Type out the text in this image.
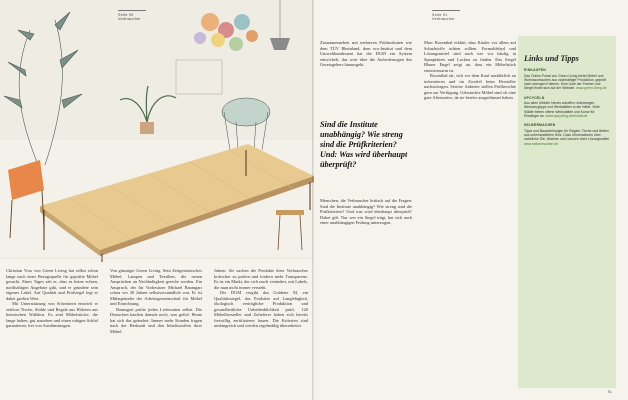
Seite 90
Verbraucher

Christian Voss von Green Living hat selbst schon lange nach einer Bezugsquelle für geprüfte Möbel gesucht. Eines Tages sah er, dass es keine echten, nachhaltigen Angebote gibt, und er gründete sein eigenes Label. Auf Qualität und Prüfsiegel legt er dabei großen Wert.

Mit Unterstützung von Schreinern entwirft er zeitlose Tische, Stühle und Regale aus Hölzern aus heimischen Wäldern. Es sind Möbelstücke, die lange halten, gut aussehen und einen ruhigen Schlaf garantieren, frei von Ausdünstungen.

Von günstiger Green Living. Sein Zeitgenössisches Möbel, Lampen und Textilien, die neuen Ansprüchen an Nachhaltigkeit gerecht werden. Ein Anspruch, der für Vorbesitzer Michael Baumgart schon vor 30 Jahren selbstverständlich war. Er ist Mitbegründer der Arbeitsgemeinschaft für Möbel und Einrichtung.

Baumgart prüfte jeden Lieferanten selbst. Die Deutschen kauften damals noch, was gefiel. Heute hat sich das geändert: Immer mehr Kunden fragen nach der Herkunft und den Inhaltsstoffen ihrer Möbel.

Jahren. Sie suchen die Produkte ihrer Verbraucher kritischer zu prüfen und fordern mehr Transparenz. Es ist ein Markt, der sich rasch verändert, mit Labels, die man nicht immer versteht.

Die DGM vergibt das Goldene M, ein Qualitätssiegel, das Produkte auf Langlebigkeit, ökologisch verträgliche Produktion und gesundheitliche Unbedenklichkeit prüft. 120 Möbelhersteller und Zulieferer haben sich bereits freiwillig zertifizieren lassen. Die Kriterien sind umfangreich und werden regelmäßig überarbeitet.

Seite 91
Verbraucher

Zusammenarbeit mit mehreren Prüfinstituten wie dem TÜV Rheinland, dem eco-Institut und dem Umweltbundesamt hat die DGM ein System entwickelt, das weit über die Anforderungen des Gesetzgebers hinausgeht.

Sind die Institute unabhängig? Wie streng sind die Prüfkriterien? Und: Was wird überhaupt überprüft?

Menschen, die Verbraucher kritisch auf die Fragen: Sind die Institute unabhängig? Wie streng sind die Prüfkriterien? Und was wird überhaupt überprüft? Dabei gilt: Nur wer ein Siegel trägt, hat sich auch einer unabhängigen Prüfung unterzogen.

Marc Rosenthal erklärt, dass Käufer vor allem auf Schadstoffe achten sollten. Formaldehyd und Lösungsmittel sind nach wie vor häufig in Spanplatten und Lacken zu finden. Das Siegel Blauer Engel zeigt an, dass ein Möbelstück emissionsarm ist.

Rosenthal rät, sich vor dem Kauf ausführlich zu informieren und im Zweifel beim Hersteller nachzufragen. Seriöse Anbieter stellen Prüfberichte gern zur Verfügung. Gebrauchte Möbel sind oft eine gute Alternative, da sie bereits ausgedünstet haben.

Links und Tipps
EINKAUFEN
Das Online-Portal von Green Living bietet Möbel und Wohnaccessoires aus nachhaltiger Produktion, geprüft nach strengen Kriterien. Eine Liste der Partner und Siegel findet sich auf der Website. www.green-living.de
UPCYCELN
Aus alten Möbeln Neues schaffen: Anleitungen, Werkzeugtipps und Werkstätten in der Nähe. Viele Städte bieten offene Werkstätten und Kurse für Einsteiger an. www.upcycling-werkstatt.de
SELBERMACHEN
Tipps und Bauanleitungen für Regale, Tische und Betten aus unbehandeltem Holz. Dazu Informationen über natürliche Öle, Wachse und Lasuren ohne Lösungsmittel. www.selbermachen.de
91
